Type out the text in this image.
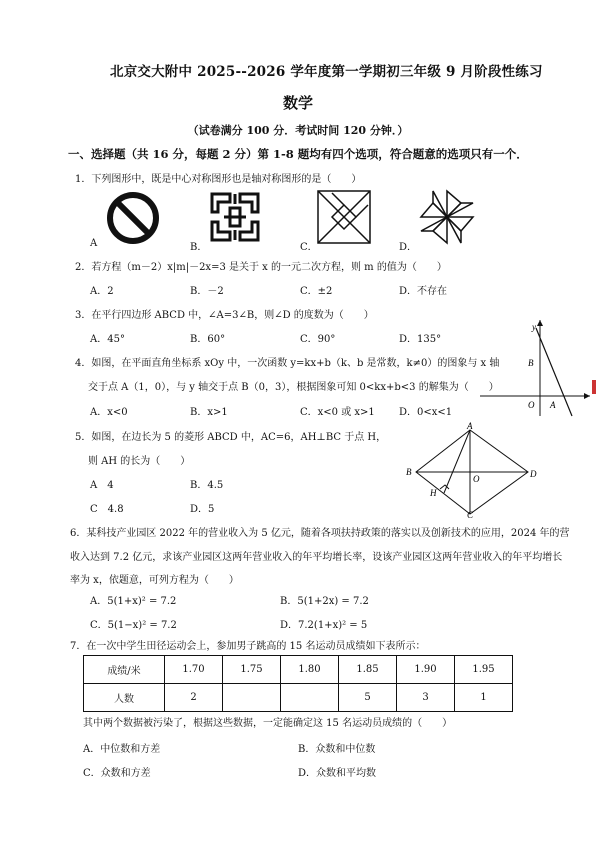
北京交大附中 2025--2026 学年度第一学期初三年级 9 月阶段性练习
数学
（试卷满分 100 分．考试时间 120 分钟．）
一、选择题（共 16 分，每题 2 分）第 1-8 题均有四个选项，符合题意的选项只有一个．
1．下列图形中，既是中心对称图形也是轴对称图形的是（　　）
A	B．	C．	D．
2．若方程（m－2）x|m|－2x=3 是关于 x 的一元二次方程，则 m 的值为（　　）
A．2	B．－2	C．±2	D．不存在
3．在平行四边形 ABCD 中，∠A=3∠B，则∠D 的度数为（　　）
A．45°	B．60°	C．90°	D．135°
4．如图，在平面直角坐标系 xOy 中，一次函数 y=kx+b（k、b 是常数，k≠0）的图象与 x 轴
交于点 A（1，0），与 y 轴交于点 B（0，3），根据图象可知 0<kx+b<3 的解集为（　　）
A．x<0	B．x>1	C．x<0 或 x>1 D．0<x<1
y
B
O A
5．如图，在边长为 5 的菱形 ABCD 中，AC=6，AH⊥BC 于点 H，
则 AH 的长为（　　）
A　4	B．4.5
C　4.8	D．5
A
B	D
O
H
C
6．某科技产业园区 2022 年的营业收入为 5 亿元，随着各项扶持政策的落实以及创新技术的应用，2024 年的营
收入达到 7.2 亿元，求该产业园区这两年营业收入的年平均增长率，设该产业园区这两年营业收入的年平均增长
率为 x，依题意，可列方程为（　　）
A．5(1+x)² = 7.2	B．5(1+2x) = 7.2
C．5(1−x)² = 7.2	D．7.2(1+x)² = 5
7．在一次中学生田径运动会上，参加男子跳高的 15 名运动员成绩如下表所示：
成绩/米	1.70	1.75	1.80	1.85	1.90	1.95
人数	2			5	3	1
其中两个数据被污染了，根据这些数据，一定能确定这 15 名运动员成绩的（　　）
A．中位数和方差	B．众数和中位数
C．众数和方差	D．众数和平均数
